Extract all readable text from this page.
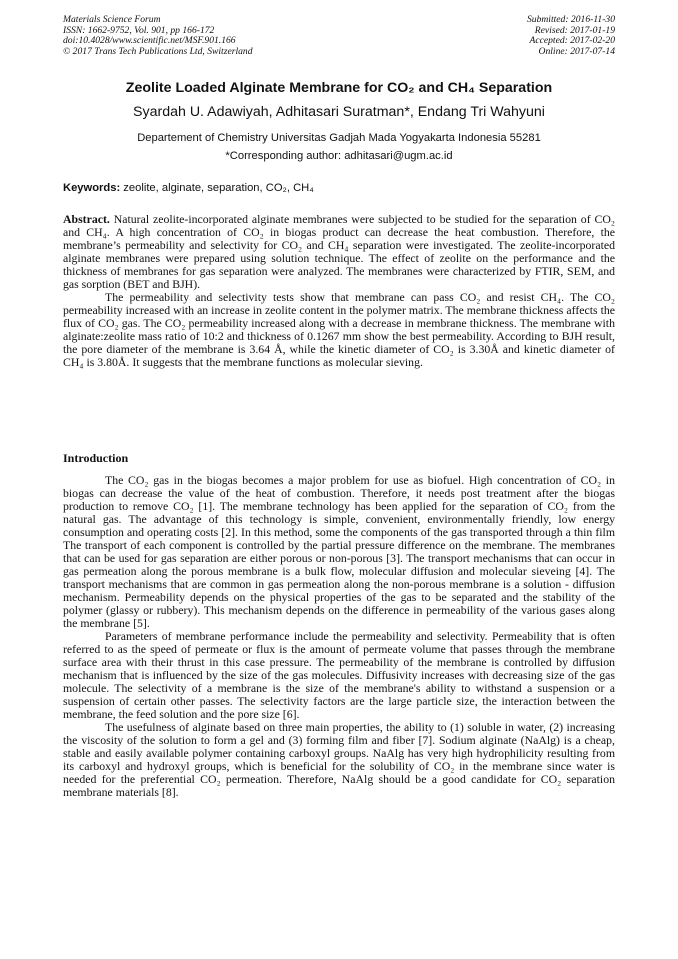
Materials Science Forum
ISSN: 1662-9752, Vol. 901, pp 166-172
doi:10.4028/www.scientific.net/MSF.901.166
© 2017 Trans Tech Publications Ltd, Switzerland
Submitted: 2016-11-30
Revised: 2017-01-19
Accepted: 2017-02-20
Online: 2017-07-14
Zeolite Loaded Alginate Membrane for CO₂ and CH₄ Separation
Syardah U. Adawiyah, Adhitasari Suratman*, Endang Tri Wahyuni
Departement of Chemistry Universitas Gadjah Mada Yogyakarta Indonesia 55281
*Corresponding author: adhitasari@ugm.ac.id
Keywords: zeolite, alginate, separation, CO₂, CH₄

Abstract. Natural zeolite-incorporated alginate membranes were subjected to be studied for the separation of CO₂ and CH₄. A high concentration of CO₂ in biogas product can decrease the heat combustion. Therefore, the membrane’s permeability and selectivity for CO₂ and CH₄ separation were investigated. The zeolite-incorporated alginate membranes were prepared using solution technique. The effect of zeolite on the performance and the thickness of membranes for gas separation were analyzed. The membranes were characterized by FTIR, SEM, and gas sorption (BET and BJH).

The permeability and selectivity tests show that membrane can pass CO₂ and resist CH₄. The CO₂ permeability increased with an increase in zeolite content in the polymer matrix. The membrane thickness affects the flux of CO₂ gas. The CO₂ permeability increased along with a decrease in membrane thickness. The membrane with alginate:zeolite mass ratio of 10:2 and thickness of 0.1267 mm show the best permeability. According to BJH result, the pore diameter of the membrane is 3.64 Å, while the kinetic diameter of CO₂ is 3.30Å and kinetic diameter of CH₄ is 3.80Å. It suggests that the membrane functions as molecular sieving.

Introduction

The CO₂ gas in the biogas becomes a major problem for use as biofuel. High concentration of CO₂ in biogas can decrease the value of the heat of combustion. Therefore, it needs post treatment after the biogas production to remove CO₂ [1]. The membrane technology has been applied for the separation of CO₂ from the natural gas. The advantage of this technology is simple, convenient, environmentally friendly, low energy consumption and operating costs [2]. In this method, some the components of the gas transported through a thin film The transport of each component is controlled by the partial pressure difference on the membrane. The membranes that can be used for gas separation are either porous or non-porous [3]. The transport mechanisms that can occur in gas permeation along the porous membrane is a bulk flow, molecular diffusion and molecular sieveing [4]. The transport mechanisms that are common in gas permeation along the non-porous membrane is a solution - diffusion mechanism. Permeability depends on the physical properties of the gas to be separated and the stability of the polymer (glassy or rubbery). This mechanism depends on the difference in permeability of the various gases along the membrane [5].

Parameters of membrane performance include the permeability and selectivity. Permeability that is often referred to as the speed of permeate or flux is the amount of permeate volume that passes through the membrane surface area with their thrust in this case pressure. The permeability of the membrane is controlled by diffusion mechanism that is influenced by the size of the gas molecules. Diffusivity increases with decreasing size of the gas molecule. The selectivity of a membrane is the size of the membrane's ability to withstand a suspension or a suspension of certain other passes. The selectivity factors are the large particle size, the interaction between the membrane, the feed solution and the pore size [6].

The usefulness of alginate based on three main properties, the ability to (1) soluble in water, (2) increasing the viscosity of the solution to form a gel and (3) forming film and fiber [7]. Sodium alginate (NaAlg) is a cheap, stable and easily available polymer containing carboxyl groups. NaAlg has very high hydrophilicity resulting from its carboxyl and hydroxyl groups, which is beneficial for the solubility of CO₂ in the membrane since water is needed for the preferential CO₂ permeation. Therefore, NaAlg should be a good candidate for CO₂ separation membrane materials [8].
